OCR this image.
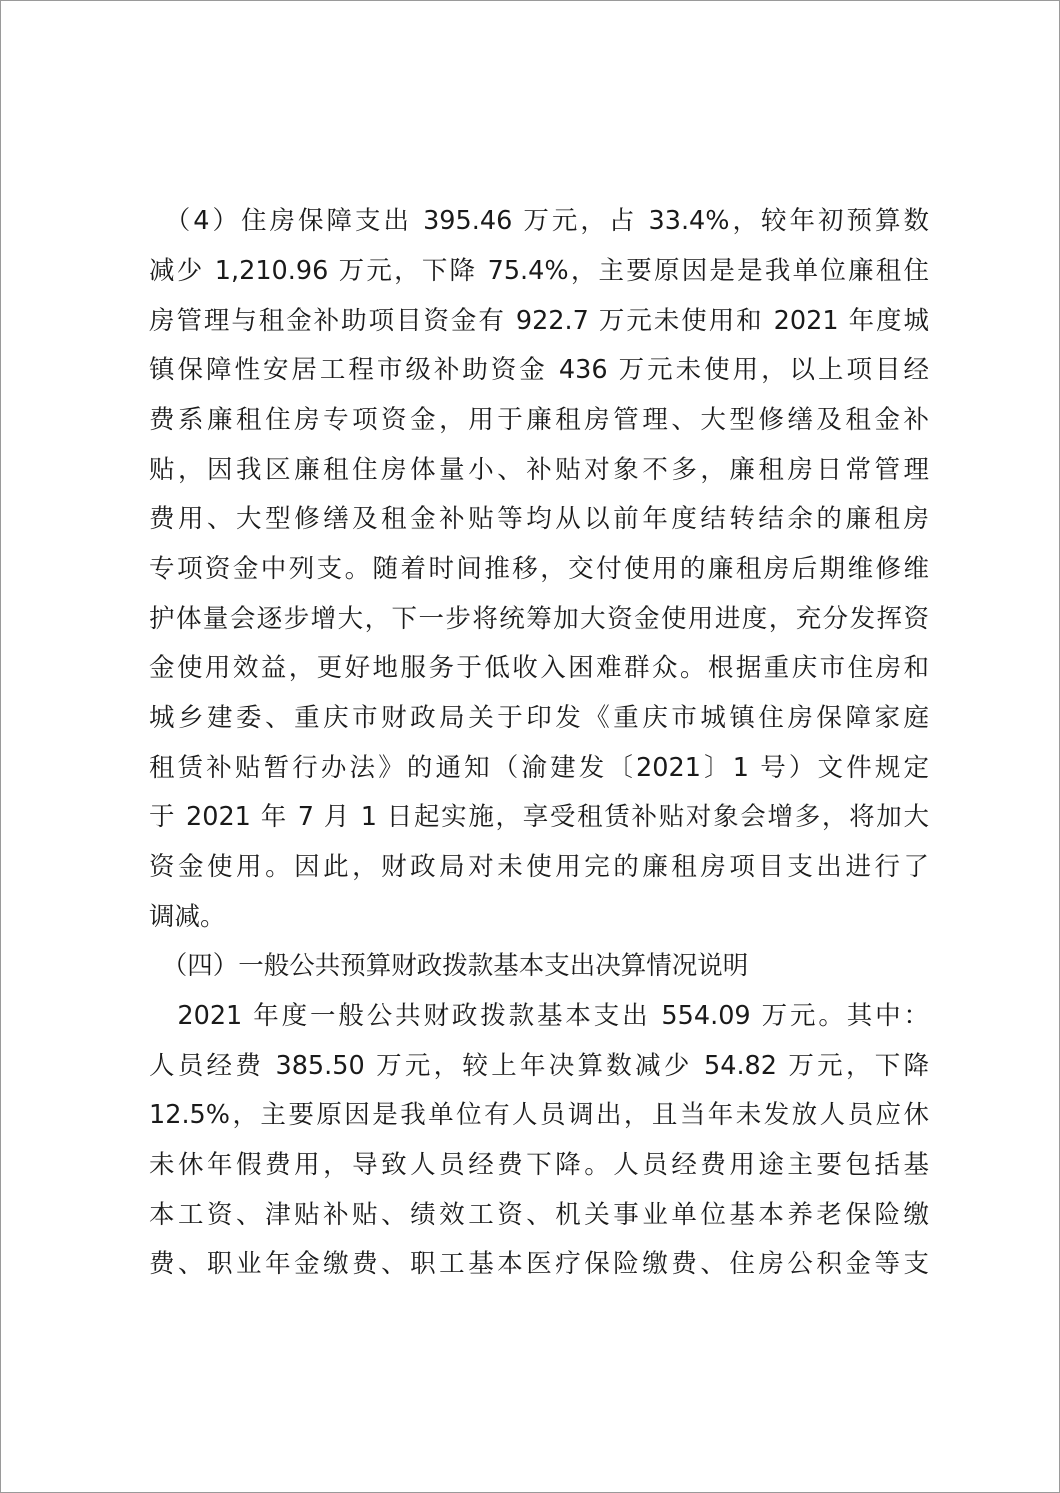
　（4）住房保障支出 395.46 万元，占 33.4%，较年初预算数
减少 1,210.96 万元，下降 75.4%，主要原因是是我单位廉租住
房管理与租金补助项目资金有 922.7 万元未使用和 2021 年度城
镇保障性安居工程市级补助资金 436 万元未使用，以上项目经
费系廉租住房专项资金，用于廉租房管理、大型修缮及租金补
贴，因我区廉租住房体量小、补贴对象不多，廉租房日常管理
费用、大型修缮及租金补贴等均从以前年度结转结余的廉租房
专项资金中列支。随着时间推移，交付使用的廉租房后期维修维
护体量会逐步增大，下一步将统筹加大资金使用进度，充分发挥资
金使用效益，更好地服务于低收入困难群众。根据重庆市住房和
城乡建委、重庆市财政局关于印发《重庆市城镇住房保障家庭
租赁补贴暂行办法》的通知（渝建发〔2021〕1 号）文件规定
于 2021 年 7 月 1 日起实施，享受租赁补贴对象会增多，将加大
资金使用。因此，财政局对未使用完的廉租房项目支出进行了
调减。
　（四）一般公共预算财政拨款基本支出决算情况说明
　2021 年度一般公共财政拨款基本支出 554.09 万元。其中：
人员经费 385.50 万元，较上年决算数减少 54.82 万元，下降
12.5%，主要原因是我单位有人员调出，且当年未发放人员应休
未休年假费用，导致人员经费下降。人员经费用途主要包括基
本工资、津贴补贴、绩效工资、机关事业单位基本养老保险缴
费、职业年金缴费、职工基本医疗保险缴费、住房公积金等支
